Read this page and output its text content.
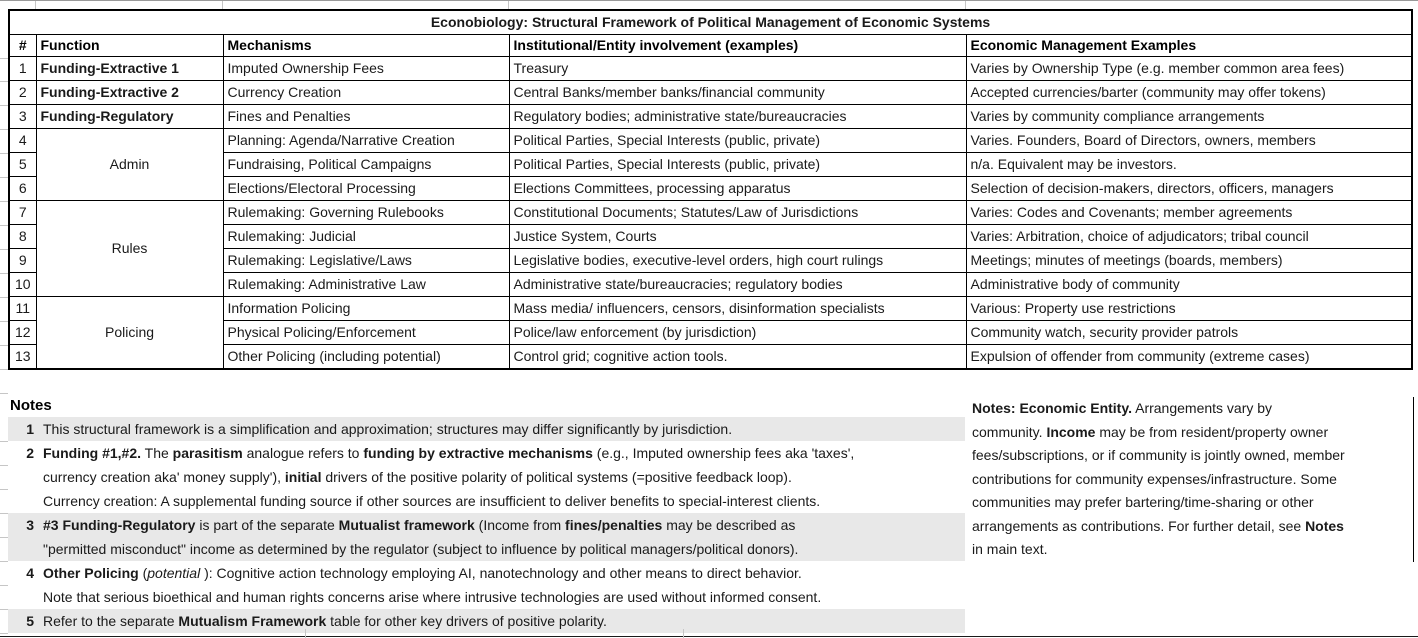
Econobiology: Structural Framework of Political Management of Economic Systems				
#	Function	Mechanisms	Institutional/Entity involvement (examples)	Economic Management Examples
1	Funding-Extractive 1	Imputed Ownership Fees	Treasury	Varies by Ownership Type (e.g. member common area fees)
2	Funding-Extractive 2	Currency Creation	Central Banks/member banks/financial community	Accepted currencies/barter (community may offer tokens)
3	Funding-Regulatory	Fines and Penalties	Regulatory bodies; administrative state/bureaucracies	Varies by community compliance arrangements
4	Admin	Planning: Agenda/Narrative Creation	Political Parties, Special Interests (public, private)	Varies. Founders, Board of Directors, owners, members
5		Fundraising, Political Campaigns	Political Parties, Special Interests (public, private)	n/a. Equivalent may be investors.
6		Elections/Electoral Processing	Elections Committees, processing apparatus	Selection of decision-makers, directors, officers, managers
7	Rules	Rulemaking: Governing Rulebooks	Constitutional Documents; Statutes/Law of Jurisdictions	Varies: Codes and Covenants; member agreements
8		Rulemaking: Judicial	Justice System, Courts	Varies: Arbitration, choice of adjudicators; tribal council
9		Rulemaking: Legislative/Laws	Legislative bodies, executive-level orders, high court rulings	Meetings; minutes of meetings (boards, members)
10		Rulemaking: Administrative Law	Administrative state/bureaucracies; regulatory bodies	Administrative body of community
11	Policing	Information Policing	Mass media/ influencers, censors, disinformation specialists	Various: Property use restrictions
12		Physical Policing/Enforcement	Police/law enforcement (by jurisdiction)	Community watch, security provider patrols
13		Other Policing (including potential)	Control grid; cognitive action tools.	Expulsion of offender from community (extreme cases)
Notes
1 This structural framework is a simplification and approximation; structures may differ significantly by jurisdiction.
2 Funding #1,#2. The parasitism analogue refers to funding by extractive mechanisms (e.g., Imputed ownership fees aka 'taxes',
currency creation aka' money supply'), initial drivers of the positive polarity of political systems (=positive feedback loop).
Currency creation: A supplemental funding source if other sources are insufficient to deliver benefits to special-interest clients.
3 #3 Funding-Regulatory is part of the separate Mutualist framework (Income from fines/penalties may be described as
"permitted misconduct" income as determined by the regulator (subject to influence by political managers/political donors).
4 Other Policing (potential ): Cognitive action technology employing AI, nanotechnology and other means to direct behavior.
Note that serious bioethical and human rights concerns arise where intrusive technologies are used without informed consent.
5 Refer to the separate Mutualism Framework table for other key drivers of positive polarity.
Notes: Economic Entity. Arrangements vary by
community. Income may be from resident/property owner
fees/subscriptions, or if community is jointly owned, member
contributions for community expenses/infrastructure. Some
communities may prefer bartering/time-sharing or other
arrangements as contributions. For further detail, see Notes
in main text.
